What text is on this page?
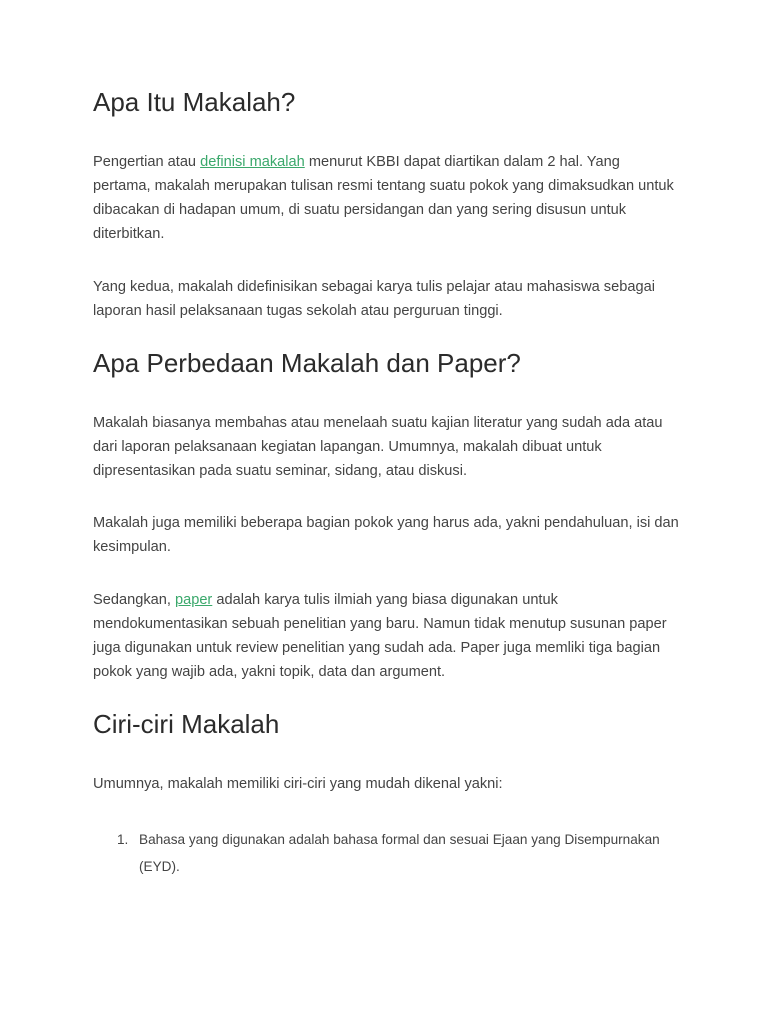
Apa Itu Makalah?

Pengertian atau definisi makalah menurut KBBI dapat diartikan dalam 2 hal. Yang pertama, makalah merupakan tulisan resmi tentang suatu pokok yang dimaksudkan untuk dibacakan di hadapan umum, di suatu persidangan dan yang sering disusun untuk diterbitkan.

Yang kedua, makalah didefinisikan sebagai karya tulis pelajar atau mahasiswa sebagai laporan hasil pelaksanaan tugas sekolah atau perguruan tinggi.

Apa Perbedaan Makalah dan Paper?

Makalah biasanya membahas atau menelaah suatu kajian literatur yang sudah ada atau dari laporan pelaksanaan kegiatan lapangan. Umumnya, makalah dibuat untuk dipresentasikan pada suatu seminar, sidang, atau diskusi.

Makalah juga memiliki beberapa bagian pokok yang harus ada, yakni pendahuluan, isi dan kesimpulan.

Sedangkan, paper adalah karya tulis ilmiah yang biasa digunakan untuk mendokumentasikan sebuah penelitian yang baru. Namun tidak menutup susunan paper juga digunakan untuk review penelitian yang sudah ada. Paper juga memliki tiga bagian pokok yang wajib ada, yakni topik, data dan argument.

Ciri-ciri Makalah

Umumnya, makalah memiliki ciri-ciri yang mudah dikenal yakni:

1. Bahasa yang digunakan adalah bahasa formal dan sesuai Ejaan yang Disempurnakan (EYD).
